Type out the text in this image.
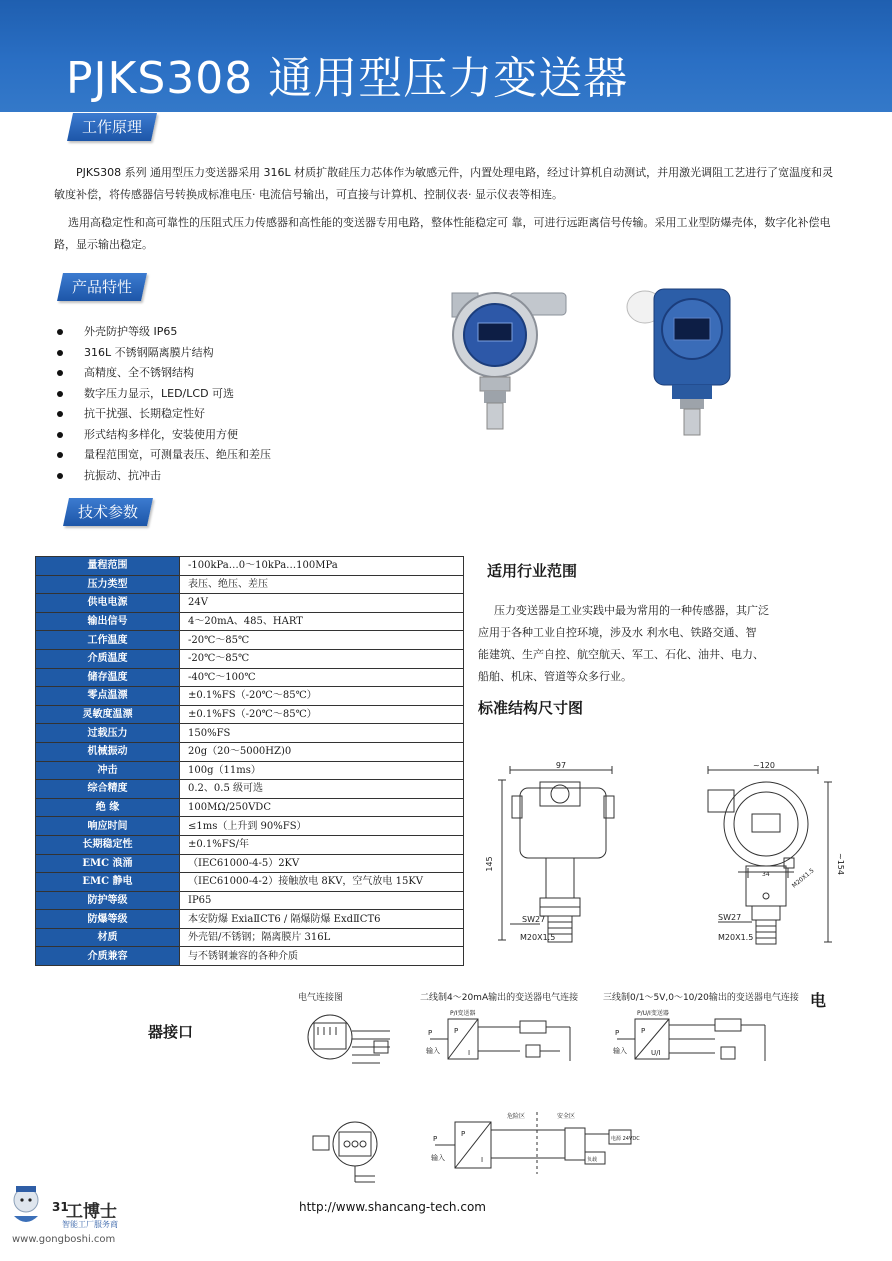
PJKS308 通用型压力变送器
工作原理
PJKS308 系列 通用型压力变送器采用 316L 材质扩散硅压力芯体作为敏感元件，内置处理电路，经过计算机自动测试，并用激光调阻工艺进行了宽温度和灵敏度补偿，将传感器信号转换成标准电压· 电流信号输出，可直接与计算机、控制仪表· 显示仪表等相连。
选用高稳定性和高可靠性的压阻式压力传感器和高性能的变送器专用电路，整体性能稳定可 靠，可进行远距离信号传输。采用工业型防爆壳体，数字化补偿电路，显示输出稳定。
产品特性
外壳防护等级 IP65
316L 不锈钢隔离膜片结构
高精度、全不锈钢结构
数字压力显示，LED/LCD 可选
抗干扰强、长期稳定性好
形式结构多样化，安装使用方便
量程范围宽，可测量表压、绝压和差压
抗振动、抗冲击
技术参数
量程范围	-100kPa…0～10kPa…100MPa
压力类型	表压、绝压、差压
供电电源	24V
输出信号	4～20mA、485、HART
工作温度	-20℃～85℃
介质温度	-20℃～85℃
储存温度	-40℃～100℃
零点温漂	±0.1%FS（-20℃～85℃）
灵敏度温漂	±0.1%FS（-20℃～85℃）
过载压力	150%FS
机械振动	20g（20～5000HZ)0
冲击	100g（11ms）
综合精度	0.2、0.5 级可选
绝 缘	100MΩ/250VDC
响应时间	≤1ms（上升到 90%FS）
长期稳定性	±0.1%FS/年
EMC 浪涌	（IEC61000-4-5）2KV
EMC 静电	（IEC61000-4-2）接触放电 8KV，空气放电 15KV
防护等级	IP65
防爆等级	本安防爆 ExiaⅡCT6 / 隔爆防爆 ExdⅡCT6
材质	外壳铝/不锈钢；隔离膜片 316L
介质兼容	与不锈钢兼容的各种介质
适用行业范围
压力变送器是工业实践中最为常用的一种传感器，其广泛
应用于各种工业自控环境，涉及水 利水电、铁路交通、智
能建筑、生产自控、航空航天、军工、石化、油井、电力、
船舶、机床、管道等众多行业。
标准结构尺寸图
97
145
SW27
M20X1.5
~120
~154
34	M20X1.5
SW27
M20X1.5
电
器接口
电气连接图	二线制4～20mA输出的变送器电气连接	三线制0/1～5V,0～10/20输出的变送器电气连接
P/I变送器
P
输入
P
I
P/U/I变送器
P
输入
P
U/I
危险区	安全区
P
输入
P
I
电源 24VDC
负载
31
工博士
智能工厂服务商
www.gongboshi.com
http://www.shancang-tech.com
